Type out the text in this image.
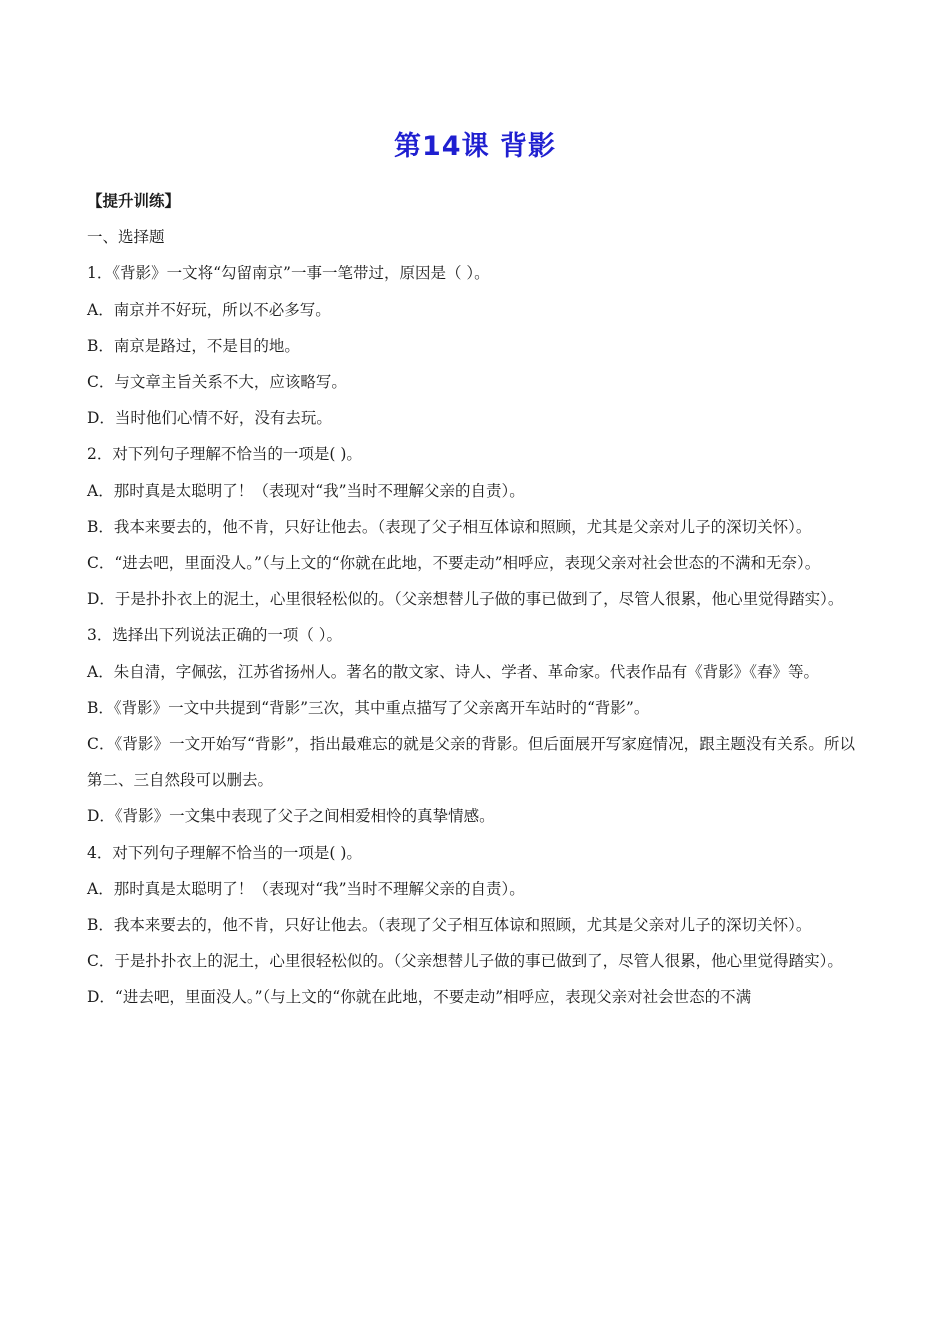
第14课 背影

【提升训练】

一、选择题

1．《背影》一文将“勾留南京”一事一笔带过，原因是（ ）。

A．南京并不好玩，所以不必多写。

B．南京是路过，不是目的地。

C．与文章主旨关系不大，应该略写。

D．当时他们心情不好，没有去玩。

2．对下列句子理解不恰当的一项是( )。

A．那时真是太聪明了！（表现对“我”当时不理解父亲的自责）。

B．我本来要去的，他不肯，只好让他去。（表现了父子相互体谅和照顾，尤其是父亲对儿子的深切关怀）。

C．“进去吧，里面没人。”（与上文的“你就在此地，不要走动”相呼应，表现父亲对社会世态的不满和无奈）。

D．于是扑扑衣上的泥土，心里很轻松似的。（父亲想替儿子做的事已做到了，尽管人很累，他心里觉得踏实）。

3．选择出下列说法正确的一项（ ）。

A．朱自清，字佩弦，江苏省扬州人。著名的散文家、诗人、学者、革命家。代表作品有《背影》《春》等。

B．《背影》一文中共提到“背影”三次，其中重点描写了父亲离开车站时的“背影”。

C．《背影》一文开始写“背影”，指出最难忘的就是父亲的背影。但后面展开写家庭情况，跟主题没有关系。所以第二、三自然段可以删去。

D．《背影》一文集中表现了父子之间相爱相怜的真挚情感。

4．对下列句子理解不恰当的一项是( )。

A．那时真是太聪明了！（表现对“我”当时不理解父亲的自责）。

B．我本来要去的，他不肯，只好让他去。（表现了父子相互体谅和照顾，尤其是父亲对儿子的深切关怀）。

C．于是扑扑衣上的泥土，心里很轻松似的。（父亲想替儿子做的事已做到了，尽管人很累，他心里觉得踏实）。

D．“进去吧，里面没人。”（与上文的“你就在此地，不要走动”相呼应，表现父亲对社会世态的不满
